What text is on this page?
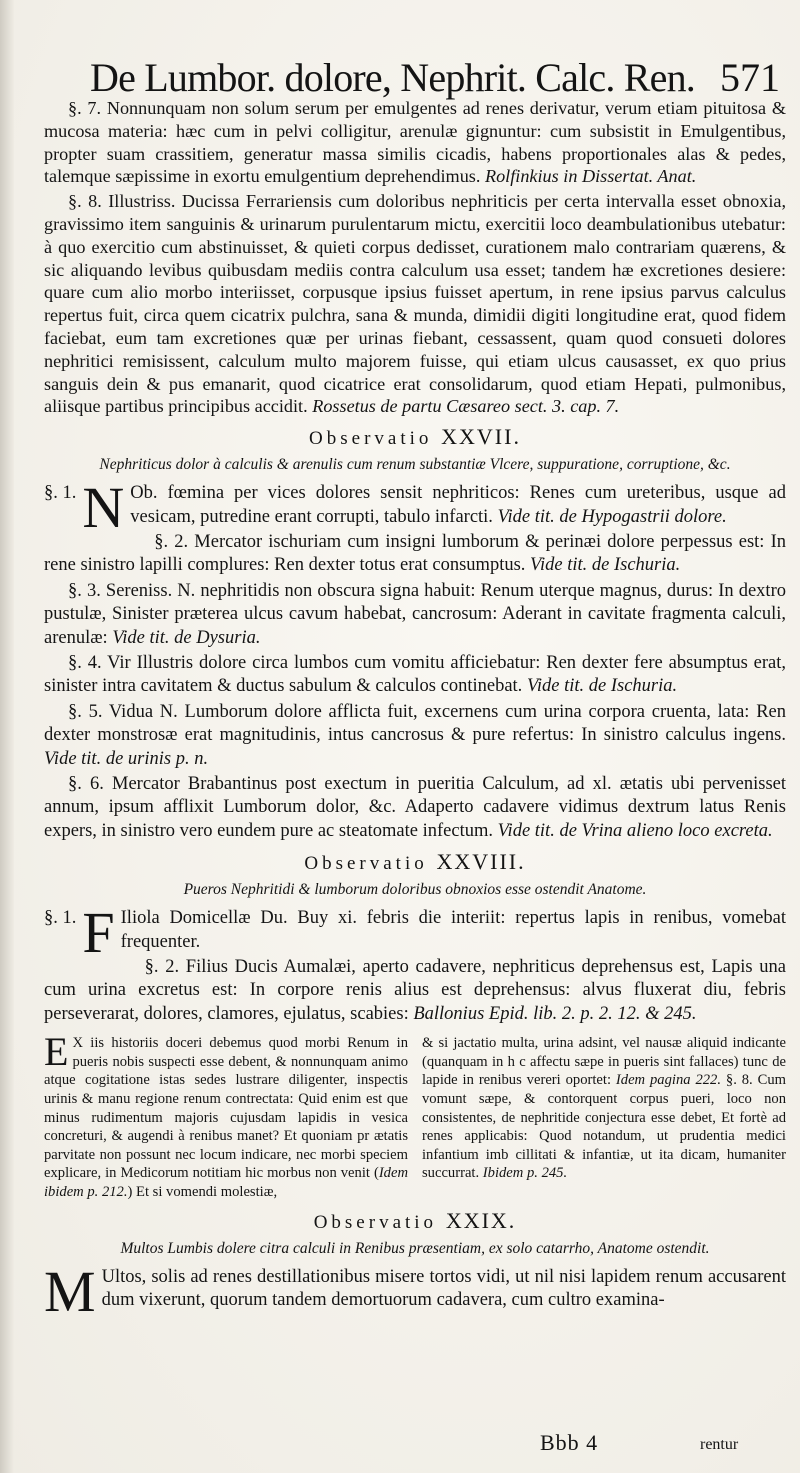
De Lumbor. dolore, Nephrit. Calc. Ren. 571

§. 7. Nonnunquam non solum serum per emulgentes ad renes derivatur, verum etiam pituitosa & mucosa materia: hæc cum in pelvi colligitur, arenulæ gignuntur: cum subsistit in Emulgentibus, propter suam crassitiem, generatur massa similis cicadis, habens proportionales alas & pedes, talemque sæpissime in exortu emulgentium deprehendimus. Rolfinkius in Dissertat. Anat.

§. 8. Illustriss. Ducissa Ferrariensis cum doloribus nephriticis per certa intervalla esset obnoxia, gravissimo item sanguinis & urinarum purulentarum mictu, exercitii loco deambulationibus utebatur: à quo exercitio cum abstinuisset, & quieti corpus dedisset, curationem malo contrariam quærens, & sic aliquando levibus quibusdam mediis contra calculum usa esset; tandem hæ excretiones desiere: quare cum alio morbo interiisset, corpusque ipsius fuisset apertum, in rene ipsius parvus calculus repertus fuit, circa quem cicatrix pulchra, sana & munda, dimidii digiti longitudine erat, quod fidem faciebat, eum tam excretiones quæ per urinas fiebant, cessassent, quam quod consueti dolores nephritici remisissent, calculum multo majorem fuisse, qui etiam ulcus causasset, ex quo prius sanguis dein & pus emanarit, quod cicatrice erat consolidarum, quod etiam Hepati, pulmonibus, aliisque partibus principibus accidit. Rossetus de partu Cæsareo sect. 3. cap. 7.

Observatio XXVII.
Nephriticus dolor à calculis & arenulis cum renum substantiæ Vlcere, suppuratione, corruptione, &c.

§. 1. N Ob. fœmina per vices dolores sensit nephriticos: Renes cum ureteribus, usque ad vesicam, putredine erant corrupti, tabulo infarcti. Vide tit. de Hypogastrii dolore.

§. 2. Mercator ischuriam cum insigni lumborum & perinæi dolore perpessus est: In rene sinistro lapilli complures: Ren dexter totus erat consumptus. Vide tit. de Ischuria.

§. 3. Sereniss. N. nephritidis non obscura signa habuit: Renum uterque magnus, durus: In dextro pustulæ, Sinister præterea ulcus cavum habebat, cancrosum: Aderant in cavitate fragmenta calculi, arenulæ: Vide tit. de Dysuria.

§. 4. Vir Illustris dolore circa lumbos cum vomitu afficiebatur: Ren dexter fere absumptus erat, sinister intra cavitatem & ductus sabulum & calculos continebat. Vide tit. de Ischuria.

§. 5. Vidua N. Lumborum dolore afflicta fuit, excernens cum urina corpora cruenta, lata: Ren dexter monstrosæ erat magnitudinis, intus cancrosus & pure refertus: In sinistro calculus ingens. Vide tit. de urinis p. n.

§. 6. Mercator Brabantinus post exectum in pueritia Calculum, ad xl. ætatis ubi pervenisset annum, ipsum afflixit Lumborum dolor, &c. Adaperto cadavere vidimus dextrum latus Renis expers, in sinistro vero eundem pure ac steatomate infectum. Vide tit. de Vrina alieno loco excreta.

Observatio XXVIII.
Pueros Nephritidi & lumborum doloribus obnoxios esse ostendit Anatome.

§. 1. F Iliola Domicellæ Du. Buy xi. febris die interiit: repertus lapis in renibus, vomebat frequenter.

§. 2. Filius Ducis Aumalæi, aperto cadavere, nephriticus deprehensus est, Lapis una cum urina excretus est: In corpore renis alius est deprehensus: alvus fluxerat diu, febris perseverarat, dolores, clamores, ejulatus, scabies: Ballonius Epid. lib. 2. p. 2. 12. & 245.

E X iis historiis doceri debemus quod morbi Renum in pueris nobis suspecti esse debent, & nonnunquam animo atque cogitatione istas sedes lustrare diligenter, inspectis urinis & manu regione renum contrectata: Quid enim est que minus rudimentum majoris cujusdam lapidis in vesica concreturi, & augendi à renibus manet? Et quoniam pr ætatis parvitate non possunt nec locum indicare, nec morbi speciem explicare, in Medicorum notitiam hic morbus non venit (Idem ibidem p. 212.) Et si vomendi molestiæ,
& si jactatio multa, urina adsint, vel nausæ aliquid indicante (quanquam in h c affectu sæpe in pueris sint fallaces) tunc de lapide in renibus vereri oportet: Idem pagina 222. §. 8. Cum vomunt sæpe, & contorquent corpus pueri, loco non consistentes, de nephritide conjectura esse debet, Et fortè ad renes applicabis: Quod notandum, ut prudentia medici infantium imb cillitati & infantiæ, ut ita dicam, humaniter succurrat. Ibidem p. 245.
Observatio XXIX.
Multos Lumbis dolere citra calculi in Renibus præsentiam, ex solo catarrho, Anatome ostendit.

M Ultos, solis ad renes destillationibus misere tortos vidi, ut nil nisi lapidem renum accusarent dum vixerunt, quorum tandem demortuorum cadavera, cum cultro examina-

Bbb 4	rentur
